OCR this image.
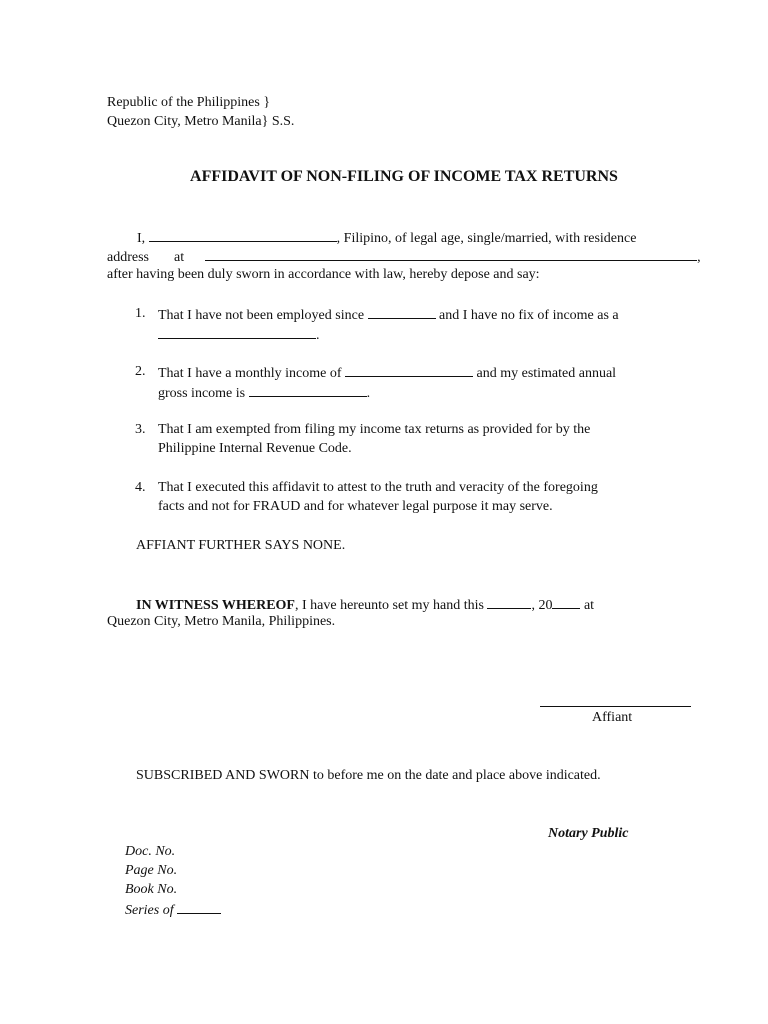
Republic of the Philippines }
Quezon City, Metro Manila} S.S.
AFFIDAVIT OF NON-FILING OF INCOME TAX RETURNS
I,	, Filipino, of legal age, single/married, with residence
address at	,
after having been duly sworn in accordance with law, hereby depose and say:
1. That I have not been employed since	and I have no fix of income as a
.
2. That I have a monthly income of	and my estimated annual
gross income is	.
3. That I am exempted from filing my income tax returns as provided for by the
Philippine Internal Revenue Code.
4. That I executed this affidavit to attest to the truth and veracity of the foregoing
facts and not for FRAUD and for whatever legal purpose it may serve.
AFFIANT FURTHER SAYS NONE.
IN WITNESS WHEREOF, I have hereunto set my hand this	, 20 at
Quezon City, Metro Manila, Philippines.
Affiant
SUBSCRIBED AND SWORN to before me on the date and place above indicated.
Notary Public
Doc. No.
Page No.
Book No.
Series of
